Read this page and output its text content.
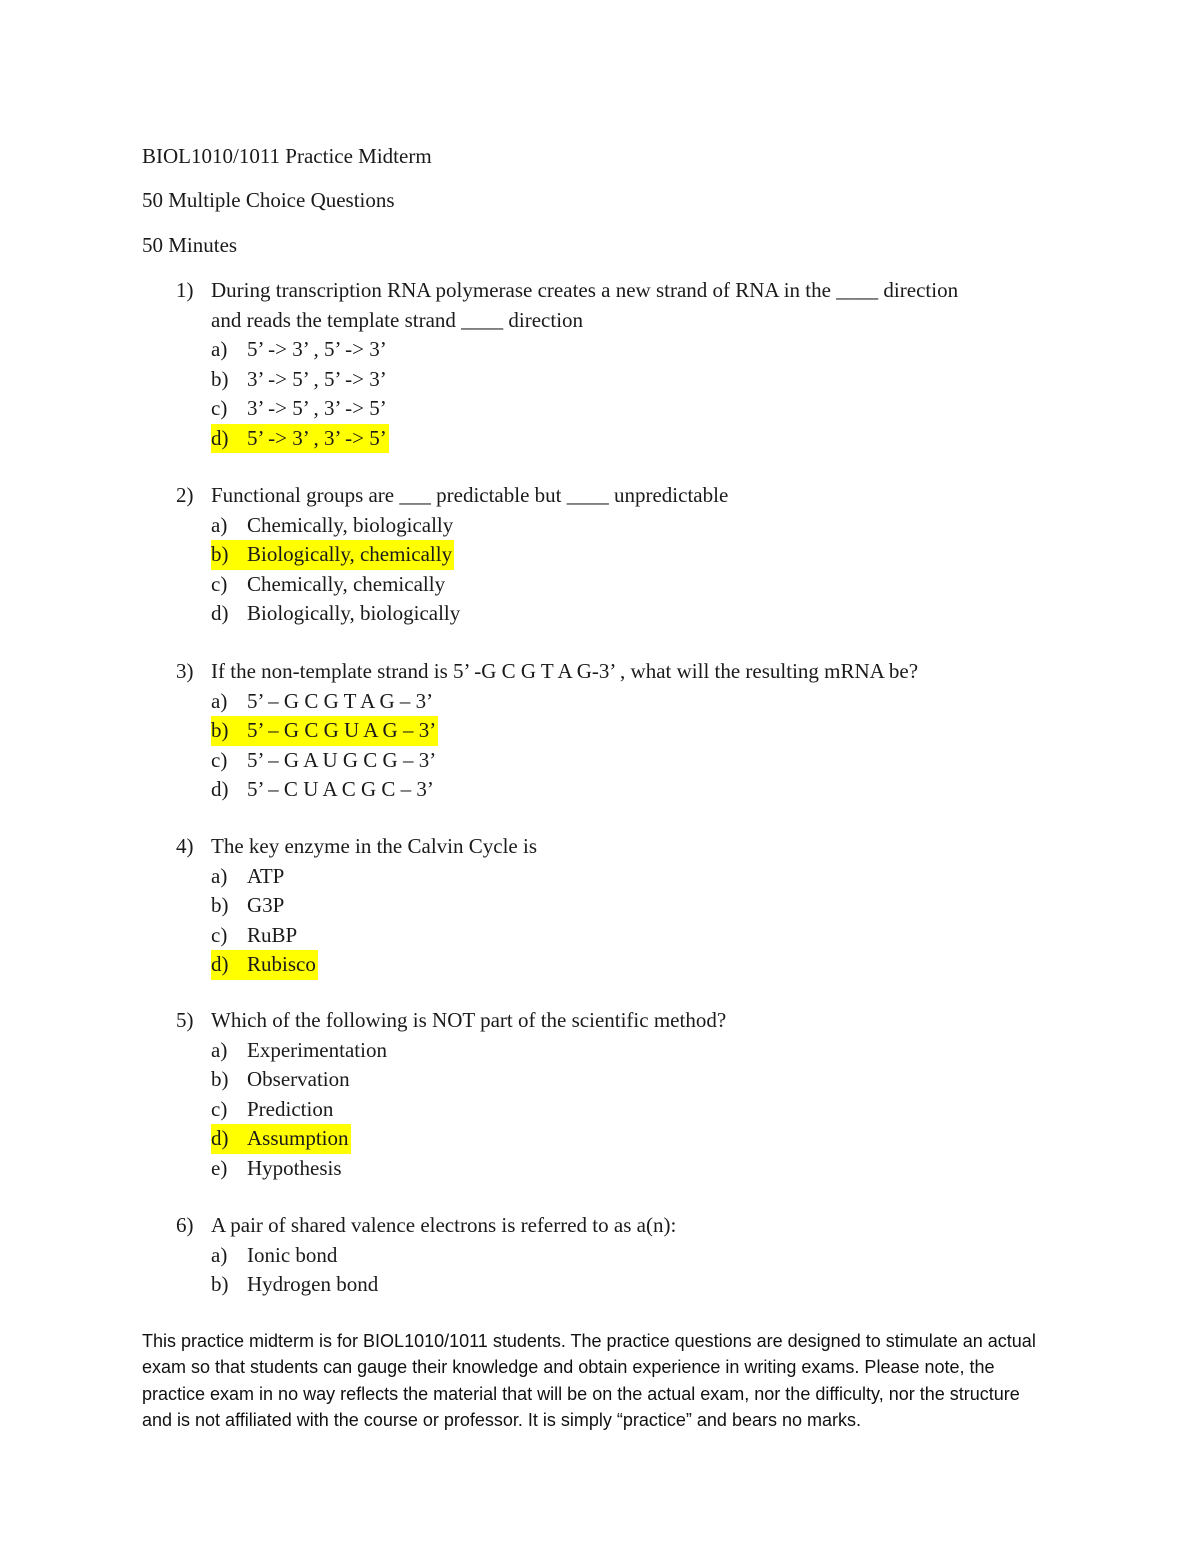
BIOL1010/1011 Practice Midterm
50 Multiple Choice Questions
50 Minutes
1) During transcription RNA polymerase creates a new strand of RNA in the ____ direction
and reads the template strand ____ direction
a) 5’ -> 3’ , 5’ -> 3’
b) 3’ -> 5’ , 5’ -> 3’
c) 3’ -> 5’ , 3’ -> 5’
d) 5’ -> 3’ , 3’ -> 5’
2) Functional groups are ___ predictable but ____ unpredictable
a) Chemically, biologically
b) Biologically, chemically
c) Chemically, chemically
d) Biologically, biologically
3) If the non-template strand is 5’ -G C G T A G-3’ , what will the resulting mRNA be?
a) 5’ – G C G T A G – 3’
b) 5’ – G C G U A G – 3’
c) 5’ – G A U G C G – 3’
d) 5’ – C U A C G C – 3’
4) The key enzyme in the Calvin Cycle is
a) ATP
b) G3P
c) RuBP
d) Rubisco
5) Which of the following is NOT part of the scientific method?
a) Experimentation
b) Observation
c) Prediction
d) Assumption
e) Hypothesis
6) A pair of shared valence electrons is referred to as a(n):
a) Ionic bond
b) Hydrogen bond
This practice midterm is for BIOL1010/1011 students. The practice questions are designed to stimulate an actual exam so that students can gauge their knowledge and obtain experience in writing exams. Please note, the practice exam in no way reflects the material that will be on the actual exam, nor the difficulty, nor the structure and is not affiliated with the course or professor. It is simply “practice” and bears no marks.
